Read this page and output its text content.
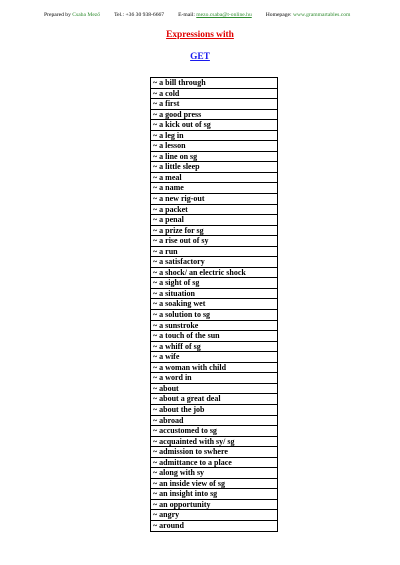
Prepared by
Csaba Mező	Tel.: +36 30 938-6667	E-mail:
mezo.csaba@t-online.hu	Homepage:
www.grammartables.com
Expressions with
GET
~ a bill through
~ a cold
~ a first
~ a good press
~ a kick out of sg
~ a leg in
~ a lesson
~ a line on sg
~ a little sleep
~ a meal
~ a name
~ a new rig-out
~ a packet
~ a penal
~ a prize for sg
~ a rise out of sy
~ a run
~ a satisfactory
~ a shock/ an electric shock
~ a sight of sg
~ a situation
~ a soaking wet
~ a solution to sg
~ a sunstroke
~ a touch of the sun
~ a whiff of sg
~ a wife
~ a woman with child
~ a word in
~ about
~ about a great deal
~ about the job
~ abroad
~ accustomed to sg
~ acquainted with sy/ sg
~ admission to swhere
~ admittance to a place
~ along with sy
~ an inside view of sg
~ an insight into sg
~ an opportunity
~ angry
~ around
